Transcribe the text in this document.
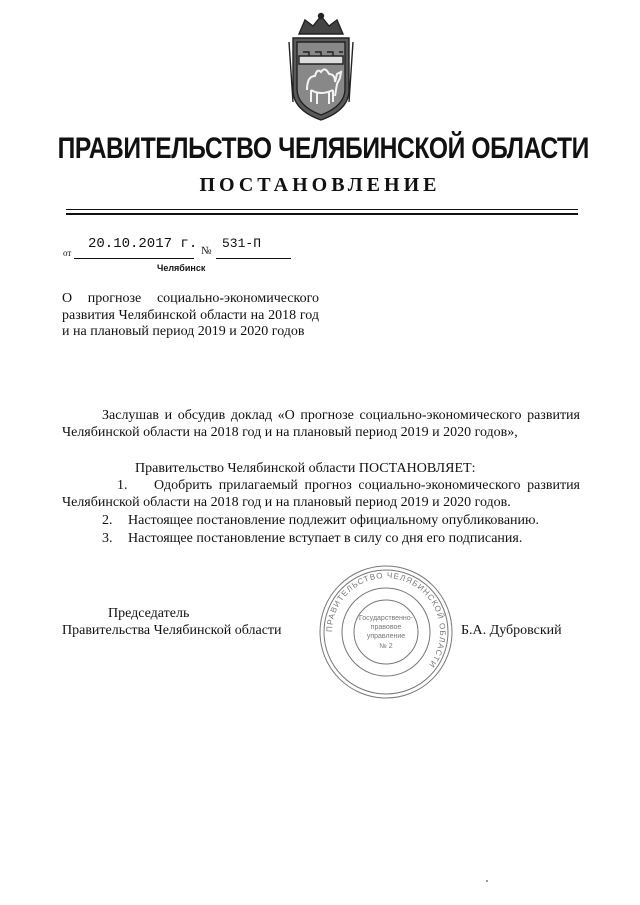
ПРАВИТЕЛЬСТВО ЧЕЛЯБИНСКОЙ ОБЛАСТИ
ПОСТАНОВЛЕНИЕ
от
20.10.2017 г. № 531-П
Челябинск
О прогнозе социально-экономического развития Челябинской области на 2018 год и на плановый период 2019 и 2020 годов
Заслушав и обсудив доклад «О прогнозе социально-экономического развития Челябинской области на 2018 год и на плановый период 2019 и 2020 годов»,
Правительство Челябинской области ПОСТАНОВЛЯЕТ:
1. Одобрить прилагаемый прогноз социально-экономического развития Челябинской области на 2018 год и на плановый период 2019 и 2020 годов.
2. Настоящее постановление подлежит официальному опубликованию.
3. Настоящее постановление вступает в силу со дня его подписания.
Председатель
Правительства Челябинской области	Б.А. Дубровский
ПРАВИТЕЛЬСТВО ЧЕЛЯБИНСКОЙ ОБЛАСТИ
Государственно-
правовое
управление
№ 2
